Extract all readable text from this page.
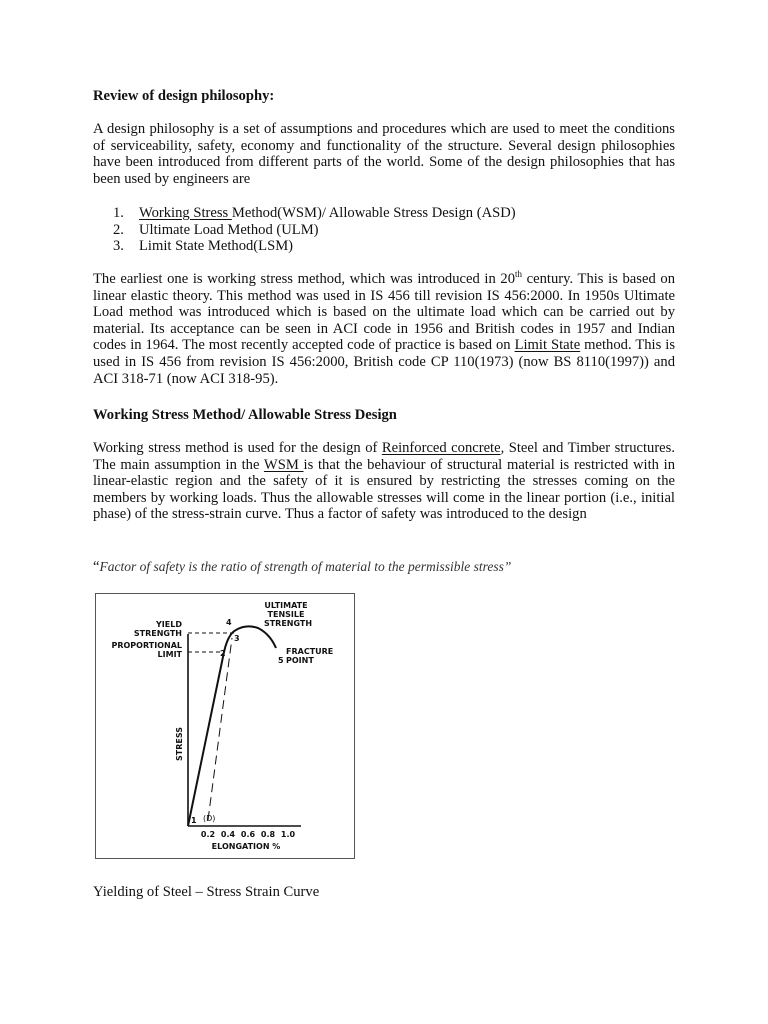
Review of design philosophy:
A design philosophy is a set of assumptions and procedures which are used to meet the conditions of serviceability, safety, economy and functionality of the structure. Several design philosophies have been introduced from different parts of the world. Some of the design philosophies that has been used by engineers are
1. Working Stress Method(WSM)/ Allowable Stress Design (ASD)
2. Ultimate Load Method (ULM)
3. Limit State Method(LSM)
The earliest one is working stress method, which was introduced in 20th century. This is based on linear elastic theory. This method was used in IS 456 till revision IS 456:2000. In 1950s Ultimate Load method was introduced which is based on the ultimate load which can be carried out by material. Its acceptance can be seen in ACI code in 1956 and British codes in 1957 and Indian codes in 1964. The most recently accepted code of practice is based on Limit State method. This is used in IS 456 from revision IS 456:2000, British code CP 110(1973) (now BS 8110(1997)) and ACI 318-71 (now ACI 318-95).
Working Stress Method/ Allowable Stress Design
Working stress method is used for the design of Reinforced concrete, Steel and Timber structures. The main assumption in the WSM is that the behaviour of structural material is restricted with in linear-elastic region and the safety of it is ensured by restricting the stresses coming on the members by working loads. Thus the allowable stresses will come in the linear portion (i.e., initial phase) of the stress-strain curve. Thus a factor of safety was introduced to the design
“Factor of safety is the ratio of strength of material to the permissible stress”
ULTIMATE
TENSILE
STRENGTH
YIELD
STRENGTH
PROPORTIONAL
LIMIT	FRACTURE
POINT
1
2
3
4
5
(D)
STRESS
0.2 0.4 0.6 0.8 1.0
ELONGATION %
Yielding of Steel – Stress Strain Curve
